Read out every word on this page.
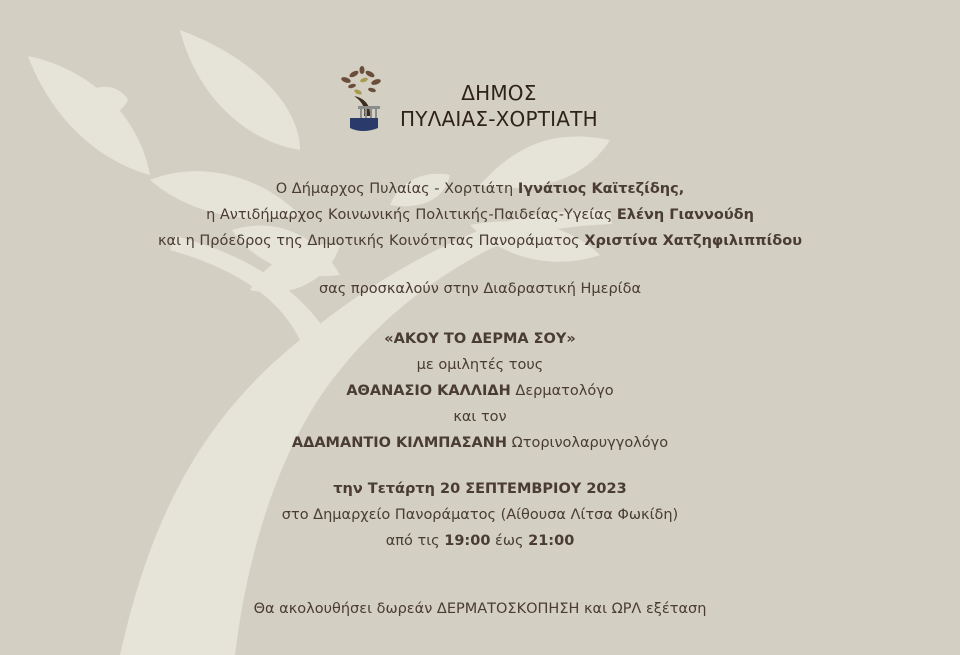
ΔΗΜΟΣ
ΠΥΛΑΙΑΣ-ΧΟΡΤΙΑΤΗ

Ο Δήμαρχος Πυλαίας - Χορτιάτη Ιγνάτιος Καϊτεζίδης,

η Αντιδήμαρχος Κοινωνικής Πολιτικής-Παιδείας-Υγείας Ελένη Γιαννούδη

και η Πρόεδρος της Δημοτικής Κοινότητας Πανοράματος Χριστίνα Χατζηφιλιππίδου

σας προσκαλούν στην Διαδραστική Ημερίδα

«ΑΚΟΥ ΤΟ ΔΕΡΜΑ ΣΟΥ»

με ομιλητές τους

ΑΘΑΝΑΣΙΟ ΚΑΛΛΙΔΗ Δερματολόγο

και τον

ΑΔΑΜΑΝΤΙΟ ΚΙΛΜΠΑΣΑΝΗ Ωτορινολαρυγγολόγο

την Τετάρτη 20 ΣΕΠΤΕΜΒΡΙΟΥ 2023

στο Δημαρχείο Πανοράματος (Αίθουσα Λίτσα Φωκίδη)

από τις 19:00 έως 21:00

Θα ακολουθήσει δωρεάν ΔΕΡΜΑΤΟΣΚΟΠΗΣΗ και ΩΡΛ εξέταση
